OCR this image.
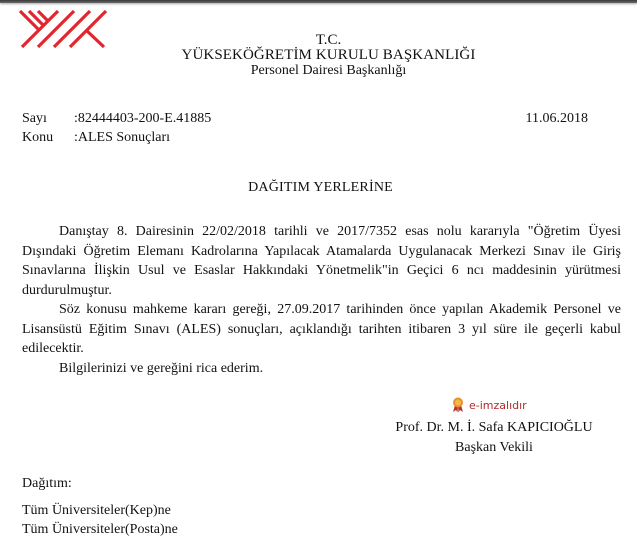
T.C.
YÜKSEKÖĞRETİM KURULU BAŞKANLIĞI
Personel Dairesi Başkanlığı
Sayı	:82444403-200-E.41885
Konu	:ALES Sonuçları
11.06.2018
DAĞITIM YERLERİNE

Danıştay 8. Dairesinin 22/02/2018 tarihli ve 2017/7352 esas nolu kararıyla "Öğretim Üyesi Dışındaki Öğretim Elemanı Kadrolarına Yapılacak Atamalarda Uygulanacak Merkezi Sınav ile Giriş Sınavlarına İlişkin Usul ve Esaslar Hakkındaki Yönetmelik"in Geçici 6 ncı maddesinin yürütmesi durdurulmuştur.

Söz konusu mahkeme kararı gereği, 27.09.2017 tarihinden önce yapılan Akademik Personel ve Lisansüstü Eğitim Sınavı (ALES) sonuçları, açıklandığı tarihten itibaren 3 yıl süre ile geçerli kabul edilecektir.

Bilgilerinizi ve gereğini rica ederim.

e-imzalıdır
Prof. Dr. M. İ. Safa KAPICIOĞLU
Başkan Vekili
Dağıtım:
Tüm Üniversiteler(Kep)ne
Tüm Üniversiteler(Posta)ne
